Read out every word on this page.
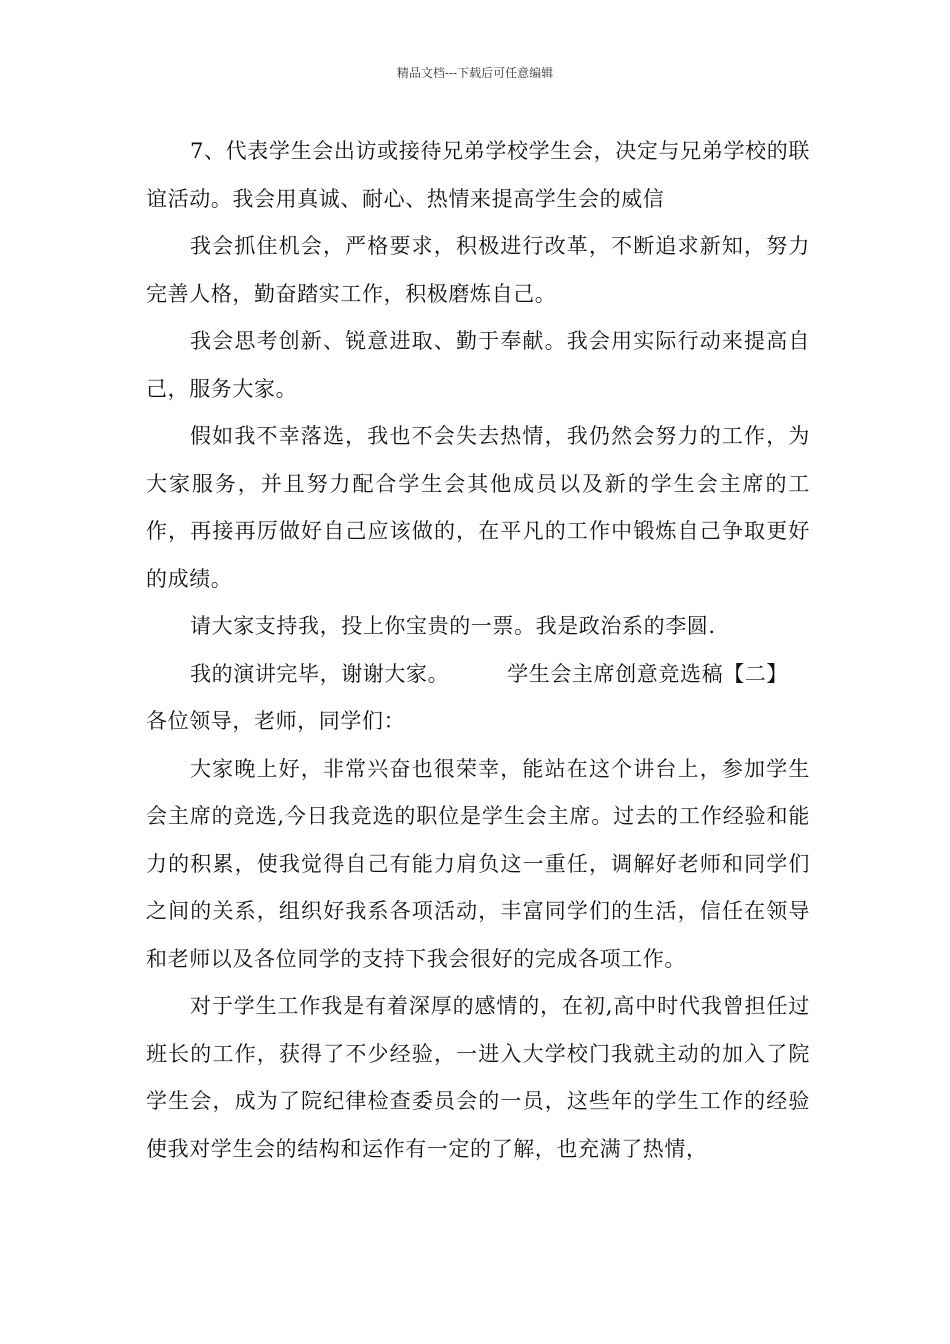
精品文档---下载后可任意编辑

7、代表学生会出访或接待兄弟学校学生会，决定与兄弟学校的联谊活动。我会用真诚、耐心、热情来提高学生会的威信

我会抓住机会，严格要求，积极进行改革，不断追求新知，努力完善人格，勤奋踏实工作，积极磨炼自己。

我会思考创新、锐意进取、勤于奉献。我会用实际行动来提高自己，服务大家。

假如我不幸落选，我也不会失去热情，我仍然会努力的工作，为大家服务，并且努力配合学生会其他成员以及新的学生会主席的工作，再接再厉做好自己应该做的，在平凡的工作中锻炼自己争取更好的成绩。

请大家支持我，投上你宝贵的一票。我是政治系的李圆.

我的演讲完毕，谢谢大家。	学生会主席创意竞选稿【二】

各位领导，老师，同学们：

大家晚上好，非常兴奋也很荣幸，能站在这个讲台上，参加学生会主席的竞选,今日我竞选的职位是学生会主席。过去的工作经验和能力的积累，使我觉得自己有能力肩负这一重任，调解好老师和同学们之间的关系，组织好我系各项活动，丰富同学们的生活，信任在领导和老师以及各位同学的支持下我会很好的完成各项工作。

对于学生工作我是有着深厚的感情的，在初,高中时代我曾担任过班长的工作，获得了不少经验，一进入大学校门我就主动的加入了院学生会，成为了院纪律检查委员会的一员，这些年的学生工作的经验使我对学生会的结构和运作有一定的了解，也充满了热情，
